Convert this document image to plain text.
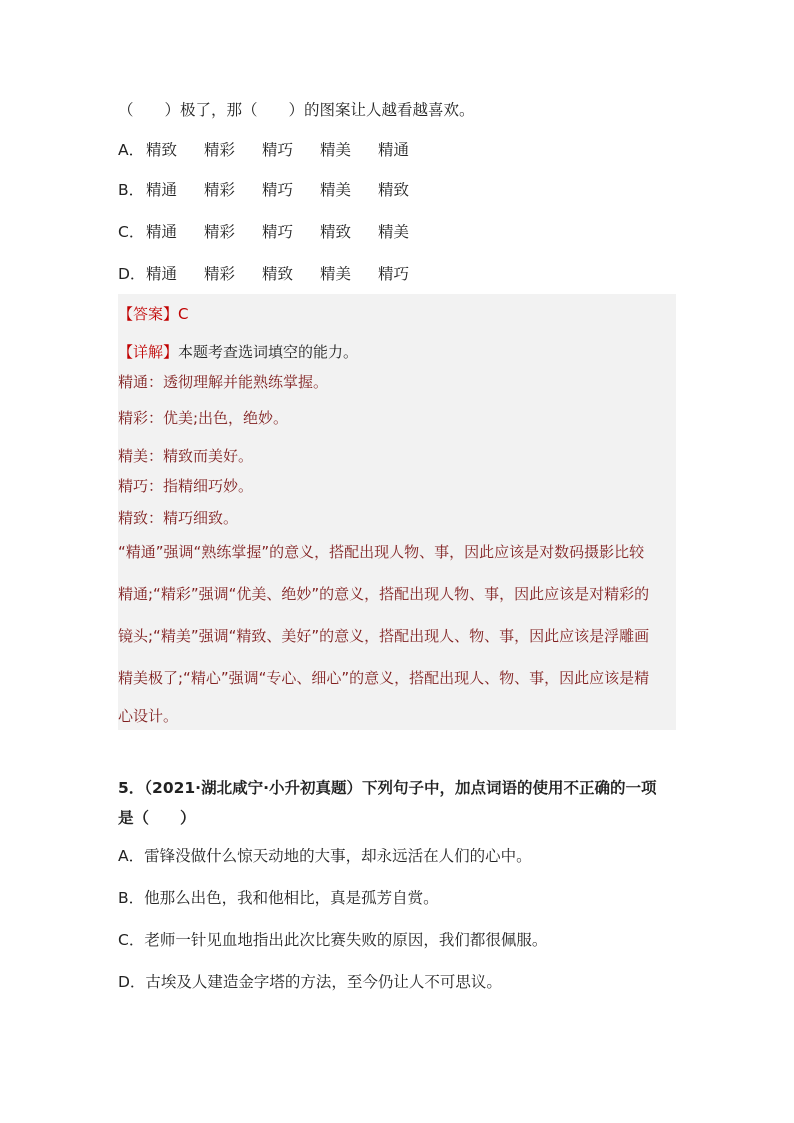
（　　）极了，那（　　）的图案让人越看越喜欢。
A． 精致 精彩 精巧 精美 精通
B． 精通 精彩 精巧 精美 精致
C． 精通 精彩 精巧 精致 精美
D．精通 精彩 精致 精美 精巧
【答案】C
【详解】本题考查选词填空的能力。
精通：透彻理解并能熟练掌握。
精彩：优美;出色，绝妙。
精美：精致而美好。
精巧：指精细巧妙。
精致：精巧细致。
“精通”强调“熟练掌握”的意义，搭配出现人物、事，因此应该是对数码摄影比较
精通;“精彩”强调“优美、绝妙”的意义，搭配出现人物、事，因此应该是对精彩的
镜头;“精美”强调“精致、美好”的意义，搭配出现人、物、事，因此应该是浮雕画
精美极了;“精心”强调“专心、细心”的意义，搭配出现人、物、事，因此应该是精
心设计。
5．（2021·湖北咸宁·小升初真题）下列句子中，加点词语的使用不正确的一项
是（　　）
A．雷锋没做什么惊天动地的大事，却永远活在人们的心中。
B．他那么出色，我和他相比，真是孤芳自赏。
C．老师一针见血地指出此次比赛失败的原因，我们都很佩服。
D．古埃及人建造金字塔的方法，至今仍让人不可思议。
